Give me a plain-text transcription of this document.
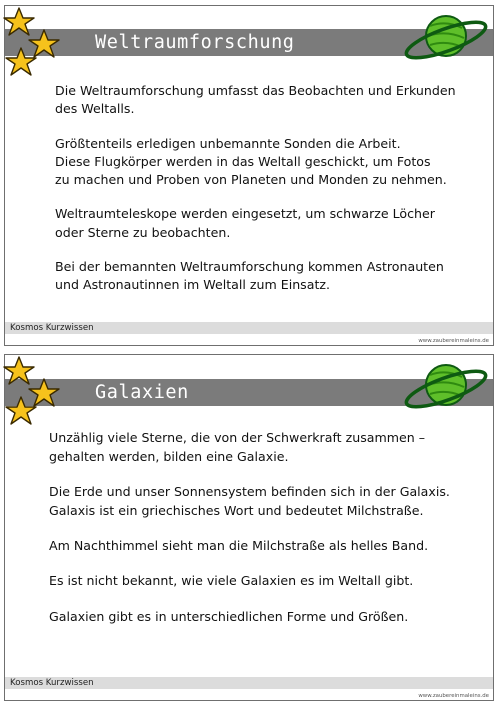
Weltraumforschung

Die Weltraumforschung umfasst das Beobachten und Erkunden
des Weltalls.

Größtenteils erledigen unbemannte Sonden die Arbeit.
Diese Flugkörper werden in das Weltall geschickt, um Fotos
zu machen und Proben von Planeten und Monden zu nehmen.

Weltraumteleskope werden eingesetzt, um schwarze Löcher
oder Sterne zu beobachten.

Bei der bemannten Weltraumforschung kommen Astronauten
und Astronautinnen im Weltall zum Einsatz.

Kosmos Kurzwissen
www.zaubereinmaleins.de
Galaxien

Unzählig viele Sterne, die von der Schwerkraft zusammen –
gehalten werden, bilden eine Galaxie.

Die Erde und unser Sonnensystem befinden sich in der Galaxis.
Galaxis ist ein griechisches Wort und bedeutet Milchstraße.

Am Nachthimmel sieht man die Milchstraße als helles Band.

Es ist nicht bekannt, wie viele Galaxien es im Weltall gibt.

Galaxien gibt es in unterschiedlichen Forme und Größen.

Kosmos Kurzwissen
www.zaubereinmaleins.de
